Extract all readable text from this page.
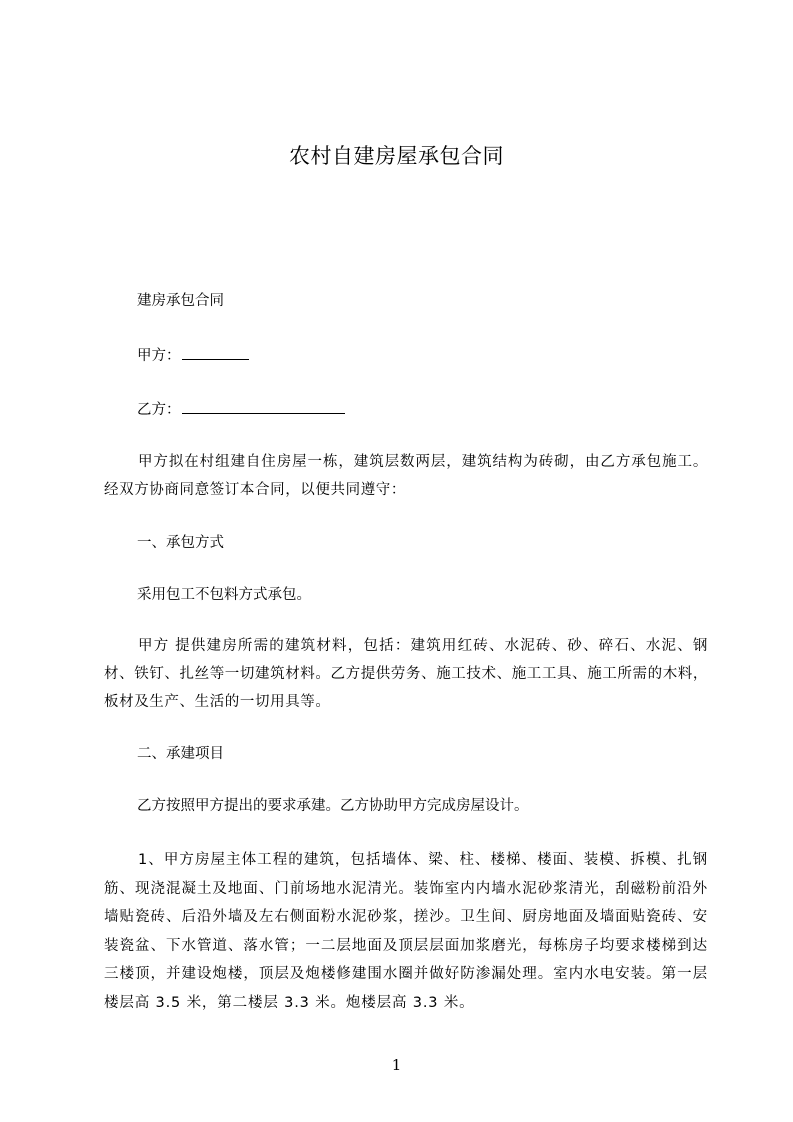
农村自建房屋承包合同
建房承包合同
甲方：
乙方：

甲方拟在村组建自住房屋一栋，建筑层数两层，建筑结构为砖砌，由乙方承包施工。经双方协商同意签订本合同，以便共同遵守：

一、承包方式
采用包工不包料方式承包。

甲方 提供建房所需的建筑材料，包括：建筑用红砖、水泥砖、砂、碎石、水泥、钢材、铁钉、扎丝等一切建筑材料。乙方提供劳务、施工技术、施工工具、施工所需的木料，板材及生产、生活的一切用具等。

二、承建项目
乙方按照甲方提出的要求承建。乙方协助甲方完成房屋设计。

1、甲方房屋主体工程的建筑，包括墙体、梁、柱、楼梯、楼面、装模、拆模、扎钢筋、现浇混凝土及地面、门前场地水泥清光。装饰室内内墙水泥砂浆清光，刮磁粉前沿外墙贴瓷砖、后沿外墙及左右侧面粉水泥砂浆，搓沙。卫生间、厨房地面及墙面贴瓷砖、安装瓷盆、下水管道、落水管；一二层地面及顶层层面加浆磨光，每栋房子均要求楼梯到达三楼顶，并建设炮楼，顶层及炮楼修建围水圈并做好防渗漏处理。室内水电安装。第一层楼层高 3.5 米，第二楼层 3.3 米。炮楼层高 3.3 米。

1
